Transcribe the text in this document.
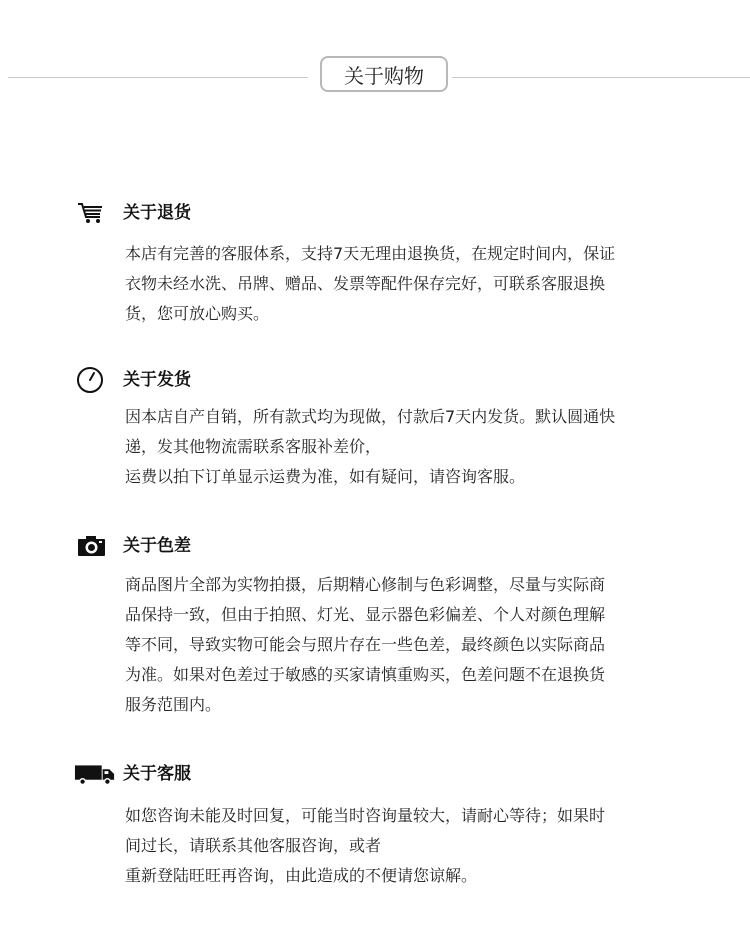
关于购物
关于退货
本店有完善的客服体系，支持7天无理由退换货，在规定时间内，保证
衣物未经水洗、吊牌、赠品、发票等配件保存完好，可联系客服退换
货，您可放心购买。
关于发货
因本店自产自销，所有款式均为现做，付款后7天内发货。默认圆通快
递，发其他物流需联系客服补差价，
运费以拍下订单显示运费为准，如有疑问，请咨询客服。
关于色差
商品图片全部为实物拍摄，后期精心修制与色彩调整，尽量与实际商
品保持一致，但由于拍照、灯光、显示器色彩偏差、个人对颜色理解
等不同，导致实物可能会与照片存在一些色差，最终颜色以实际商品
为准。如果对色差过于敏感的买家请慎重购买，色差问题不在退换货
服务范围内。
关于客服
如您咨询未能及时回复，可能当时咨询量较大，请耐心等待；如果时
间过长，请联系其他客服咨询，或者
重新登陆旺旺再咨询，由此造成的不便请您谅解。
